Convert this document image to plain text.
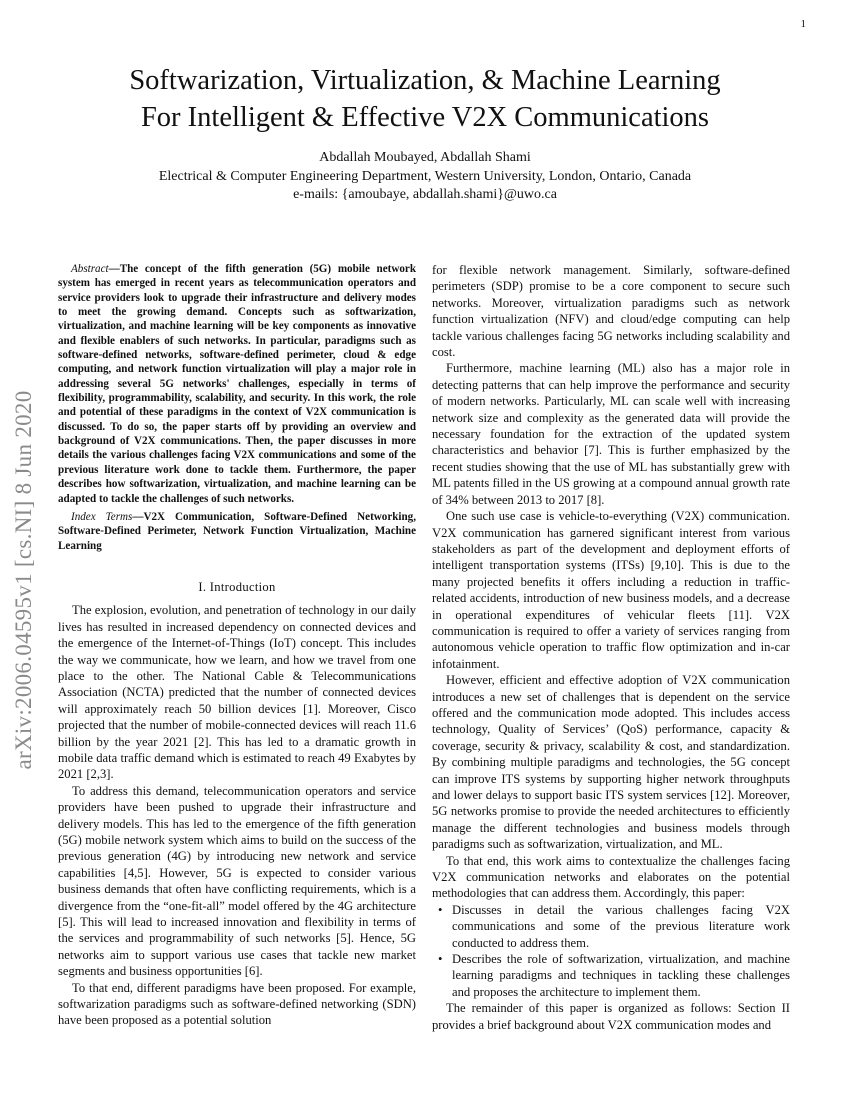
1
Softwarization, Virtualization, & Machine Learning
For Intelligent & Effective V2X Communications
Abdallah Moubayed, Abdallah Shami
Electrical & Computer Engineering Department, Western University, London, Ontario, Canada
e-mails: {amoubaye, abdallah.shami}@uwo.ca
arXiv:2006.04595v1 [cs.NI] 8 Jun 2020

Abstract—The concept of the fifth generation (5G) mobile network system has emerged in recent years as telecommunication operators and service providers look to upgrade their infrastructure and delivery modes to meet the growing demand. Concepts such as softwarization, virtualization, and machine learning will be key components as innovative and flexible enablers of such networks. In particular, paradigms such as software-defined networks, software-defined perimeter, cloud & edge computing, and network function virtualization will play a major role in addressing several 5G networks' challenges, especially in terms of flexibility, programmability, scalability, and security. In this work, the role and potential of these paradigms in the context of V2X communication is discussed. To do so, the paper starts off by providing an overview and background of V2X communications. Then, the paper discusses in more details the various challenges facing V2X communications and some of the previous literature work done to tackle them. Furthermore, the paper describes how softwarization, virtualization, and machine learning can be adapted to tackle the challenges of such networks.

Index Terms—V2X Communication, Software-Defined Networking, Software-Defined Perimeter, Network Function Virtualization, Machine Learning

I. Introduction

The explosion, evolution, and penetration of technology in our daily lives has resulted in increased dependency on connected devices and the emergence of the Internet-of-Things (IoT) concept. This includes the way we communicate, how we learn, and how we travel from one place to the other. The National Cable & Telecommunications Association (NCTA) predicted that the number of connected devices will approximately reach 50 billion devices [1]. Moreover, Cisco projected that the number of mobile-connected devices will reach 11.6 billion by the year 2021 [2]. This has led to a dramatic growth in mobile data traffic demand which is estimated to reach 49 Exabytes by 2021 [2,3].

To address this demand, telecommunication operators and service providers have been pushed to upgrade their infrastructure and delivery models. This has led to the emergence of the fifth generation (5G) mobile network system which aims to build on the success of the previous generation (4G) by introducing new network and service capabilities [4,5]. However, 5G is expected to consider various business demands that often have conflicting requirements, which is a divergence from the “one-fit-all” model offered by the 4G architecture [5]. This will lead to increased innovation and flexibility in terms of the services and programmability of such networks [5]. Hence, 5G networks aim to support various use cases that tackle new market segments and business opportunities [6].

To that end, different paradigms have been proposed. For example, softwarization paradigms such as software-defined networking (SDN) have been proposed as a potential solution

for flexible network management. Similarly, software-defined perimeters (SDP) promise to be a core component to secure such networks. Moreover, virtualization paradigms such as network function virtualization (NFV) and cloud/edge computing can help tackle various challenges facing 5G networks including scalability and cost.

Furthermore, machine learning (ML) also has a major role in detecting patterns that can help improve the performance and security of modern networks. Particularly, ML can scale well with increasing network size and complexity as the generated data will provide the necessary foundation for the extraction of the updated system characteristics and behavior [7]. This is further emphasized by the recent studies showing that the use of ML has substantially grew with ML patents filled in the US growing at a compound annual growth rate of 34% between 2013 to 2017 [8].

One such use case is vehicle-to-everything (V2X) communication. V2X communication has garnered significant interest from various stakeholders as part of the development and deployment efforts of intelligent transportation systems (ITSs) [9,10]. This is due to the many projected benefits it offers including a reduction in traffic-related accidents, introduction of new business models, and a decrease in operational expenditures of vehicular fleets [11]. V2X communication is required to offer a variety of services ranging from autonomous vehicle operation to traffic flow optimization and in-car infotainment.

However, efficient and effective adoption of V2X communication introduces a new set of challenges that is dependent on the service offered and the communication mode adopted. This includes access technology, Quality of Services’ (QoS) performance, capacity & coverage, security & privacy, scalability & cost, and standardization. By combining multiple paradigms and technologies, the 5G concept can improve ITS systems by supporting higher network throughputs and lower delays to support basic ITS system services [12]. Moreover, 5G networks promise to provide the needed architectures to efficiently manage the different technologies and business models through paradigms such as softwarization, virtualization, and ML.

To that end, this work aims to contextualize the challenges facing V2X communication networks and elaborates on the potential methodologies that can address them. Accordingly, this paper:

• Discusses in detail the various challenges facing V2X communications and some of the previous literature work conducted to address them.
• Describes the role of softwarization, virtualization, and machine learning paradigms and techniques in tackling these challenges and proposes the architecture to implement them.

The remainder of this paper is organized as follows: Section II provides a brief background about V2X communication modes and
